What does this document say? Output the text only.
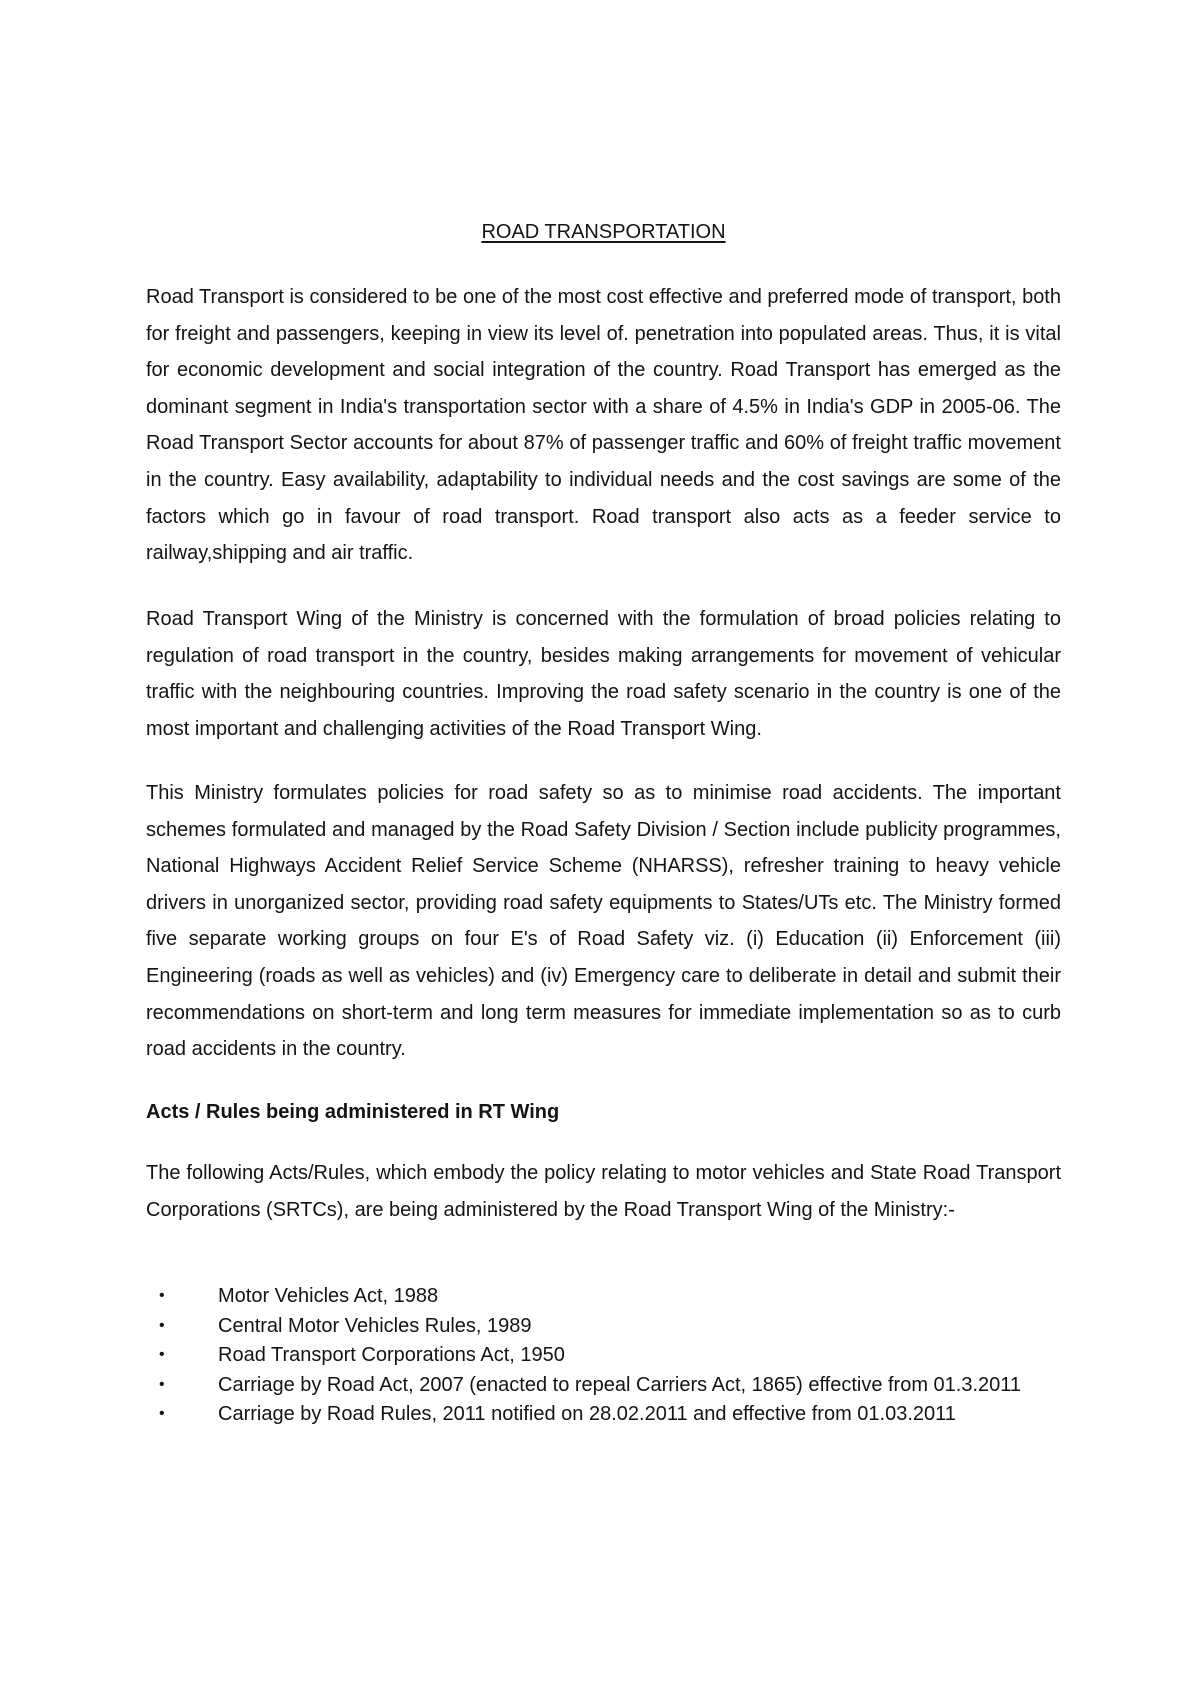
ROAD TRANSPORTATION

Road Transport is considered to be one of the most cost effective and preferred mode of transport, both for freight and passengers, keeping in view its level of. penetration into populated areas. Thus, it is vital for economic development and social integration of the country. Road Transport has emerged as the dominant segment in India's transportation sector with a share of 4.5% in India's GDP in 2005-06. The Road Transport Sector accounts for about 87% of passenger traffic and 60% of freight traffic movement in the country. Easy availability, adaptability to individual needs and the cost savings are some of the factors which go in favour of road transport. Road transport also acts as a feeder service to railway,shipping and air traffic.

Road Transport Wing of the Ministry is concerned with the formulation of broad policies relating to regulation of road transport in the country, besides making arrangements for movement of vehicular traffic with the neighbouring countries. Improving the road safety scenario in the country is one of the most important and challenging activities of the Road Transport Wing.

This Ministry formulates policies for road safety so as to minimise road accidents. The important schemes formulated and managed by the Road Safety Division / Section include publicity programmes, National Highways Accident Relief Service Scheme (NHARSS), refresher training to heavy vehicle drivers in unorganized sector, providing road safety equipments to States/UTs etc. The Ministry formed five separate working groups on four E's of Road Safety viz. (i) Education (ii) Enforcement (iii) Engineering (roads as well as vehicles) and (iv) Emergency care to deliberate in detail and submit their recommendations on short-term and long term measures for immediate implementation so as to curb road accidents in the country.

Acts / Rules being administered in RT Wing

The following Acts/Rules, which embody the policy relating to motor vehicles and State Road Transport Corporations (SRTCs), are being administered by the Road Transport Wing of the Ministry:-

•	Motor Vehicles Act, 1988
•	Central Motor Vehicles Rules, 1989
•	Road Transport Corporations Act, 1950
•	Carriage by Road Act, 2007 (enacted to repeal Carriers Act, 1865) effective from 01.3.2011
•	Carriage by Road Rules, 2011 notified on 28.02.2011 and effective from 01.03.2011
